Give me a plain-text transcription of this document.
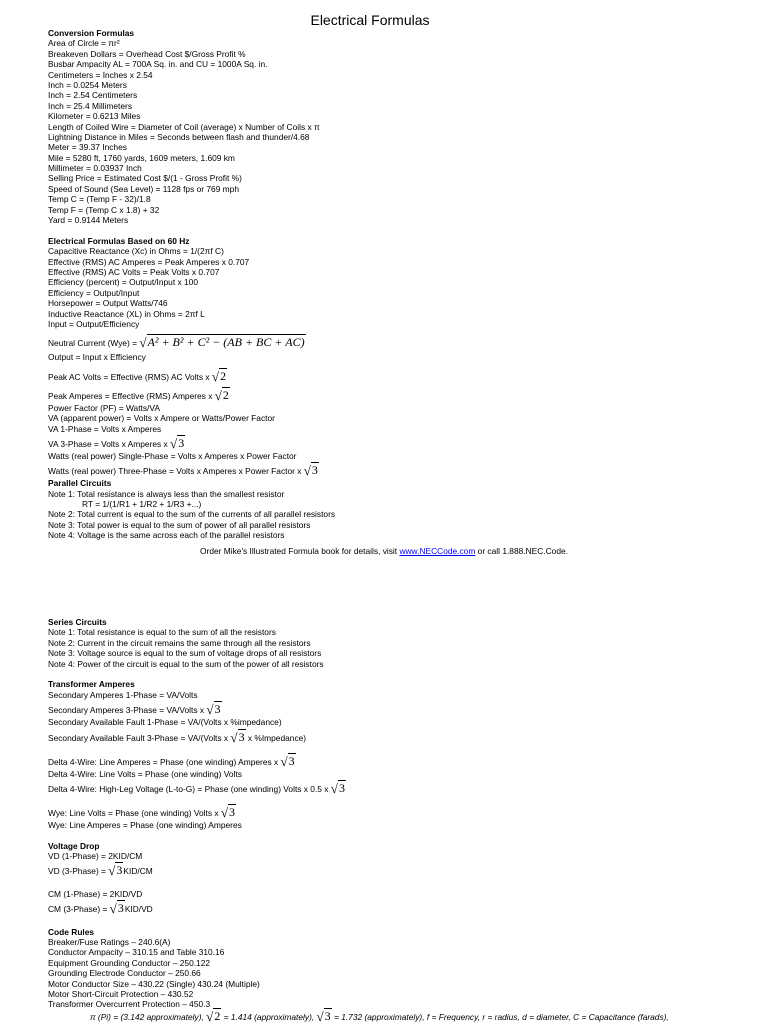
Electrical Formulas
Conversion Formulas
Area of Circle = πr²
Breakeven Dollars = Overhead Cost $/Gross Profit %
Busbar Ampacity AL = 700A Sq. in. and CU = 1000A Sq. in.
Centimeters = Inches x 2.54
Inch = 0.0254 Meters
Inch = 2.54 Centimeters
Inch = 25.4 Millimeters
Kilometer = 0.6213 Miles
Length of Coiled Wire = Diameter of Coil (average) x Number of Coils x π
Lightning Distance in Miles = Seconds between flash and thunder/4.68
Meter = 39.37 Inches
Mile = 5280 ft, 1760 yards, 1609 meters, 1.609 km
Millimeter = 0.03937 Inch
Selling Price = Estimated Cost $/(1 - Gross Profit %)
Speed of Sound (Sea Level) = 1128 fps or 769 mph
Temp C = (Temp F - 32)/1.8
Temp F = (Temp C x 1.8) + 32
Yard = 0.9144 Meters
Electrical Formulas Based on 60 Hz
Capacitive Reactance (Xc) in Ohms = 1/(2πf C)
Effective (RMS) AC Amperes = Peak Amperes x 0.707
Effective (RMS) AC Volts = Peak Volts x 0.707
Efficiency (percent) = Output/Input x 100
Efficiency = Output/Input
Horsepower = Output Watts/746
Inductive Reactance (XL) in Ohms = 2πf L
Input = Output/Efficiency
Neutral Current (Wye) = √A² + B² + C² − (AB + BC + AC)
Output = Input x Efficiency
Peak AC Volts = Effective (RMS) AC Volts x √2
Peak Amperes = Effective (RMS) Amperes x √2
Power Factor (PF) = Watts/VA
VA (apparent power) = Volts x Ampere or Watts/Power Factor
VA 1-Phase = Volts x Amperes
VA 3-Phase = Volts x Amperes x √3
Watts (real power) Single-Phase = Volts x Amperes x Power Factor
Watts (real power) Three-Phase = Volts x Amperes x Power Factor x √3
Parallel Circuits
Note 1: Total resistance is always less than the smallest resistor
RT = 1/(1/R1 + 1/R2 + 1/R3 +...)
Note 2: Total current is equal to the sum of the currents of all parallel resistors
Note 3: Total power is equal to the sum of power of all parallel resistors
Note 4: Voltage is the same across each of the parallel resistors
Order Mike's Illustrated Formula book for details, visit www.NECCode.com or call 1.888.NEC.Code.
Series Circuits
Note 1: Total resistance is equal to the sum of all the resistors
Note 2: Current in the circuit remains the same through all the resistors
Note 3: Voltage source is equal to the sum of voltage drops of all resistors
Note 4: Power of the circuit is equal to the sum of the power of all resistors
Transformer Amperes
Secondary Amperes 1-Phase = VA/Volts
Secondary Amperes 3-Phase = VA/Volts x √3
Secondary Available Fault 1-Phase = VA/(Volts x %impedance)
Secondary Available Fault 3-Phase = VA/(Volts x √3 x %Impedance)
Delta 4-Wire: Line Amperes = Phase (one winding) Amperes x √3
Delta 4-Wire: Line Volts = Phase (one winding) Volts
Delta 4-Wire: High-Leg Voltage (L-to-G) = Phase (one winding) Volts x 0.5 x √3
Wye: Line Volts = Phase (one winding) Volts x √3
Wye: Line Amperes = Phase (one winding) Amperes
Voltage Drop
VD (1-Phase) = 2KID/CM
VD (3-Phase) = √3KID/CM
CM (1-Phase) = 2KID/VD
CM (3-Phase) = √3KID/VD
Code Rules
Breaker/Fuse Ratings – 240.6(A)
Conductor Ampacity – 310.15 and Table 310.16
Equipment Grounding Conductor – 250.122
Grounding Electrode Conductor – 250.66
Motor Conductor Size – 430.22 (Single) 430.24 (Multiple)
Motor Short-Circuit Protection – 430.52
Transformer Overcurrent Protection – 450.3
π (Pi) = (3.142 approximately), √2 = 1.414 (approximately), √3 = 1.732 (approximately), f = Frequency, r = radius, d = diameter, C = Capacitance (farads),
